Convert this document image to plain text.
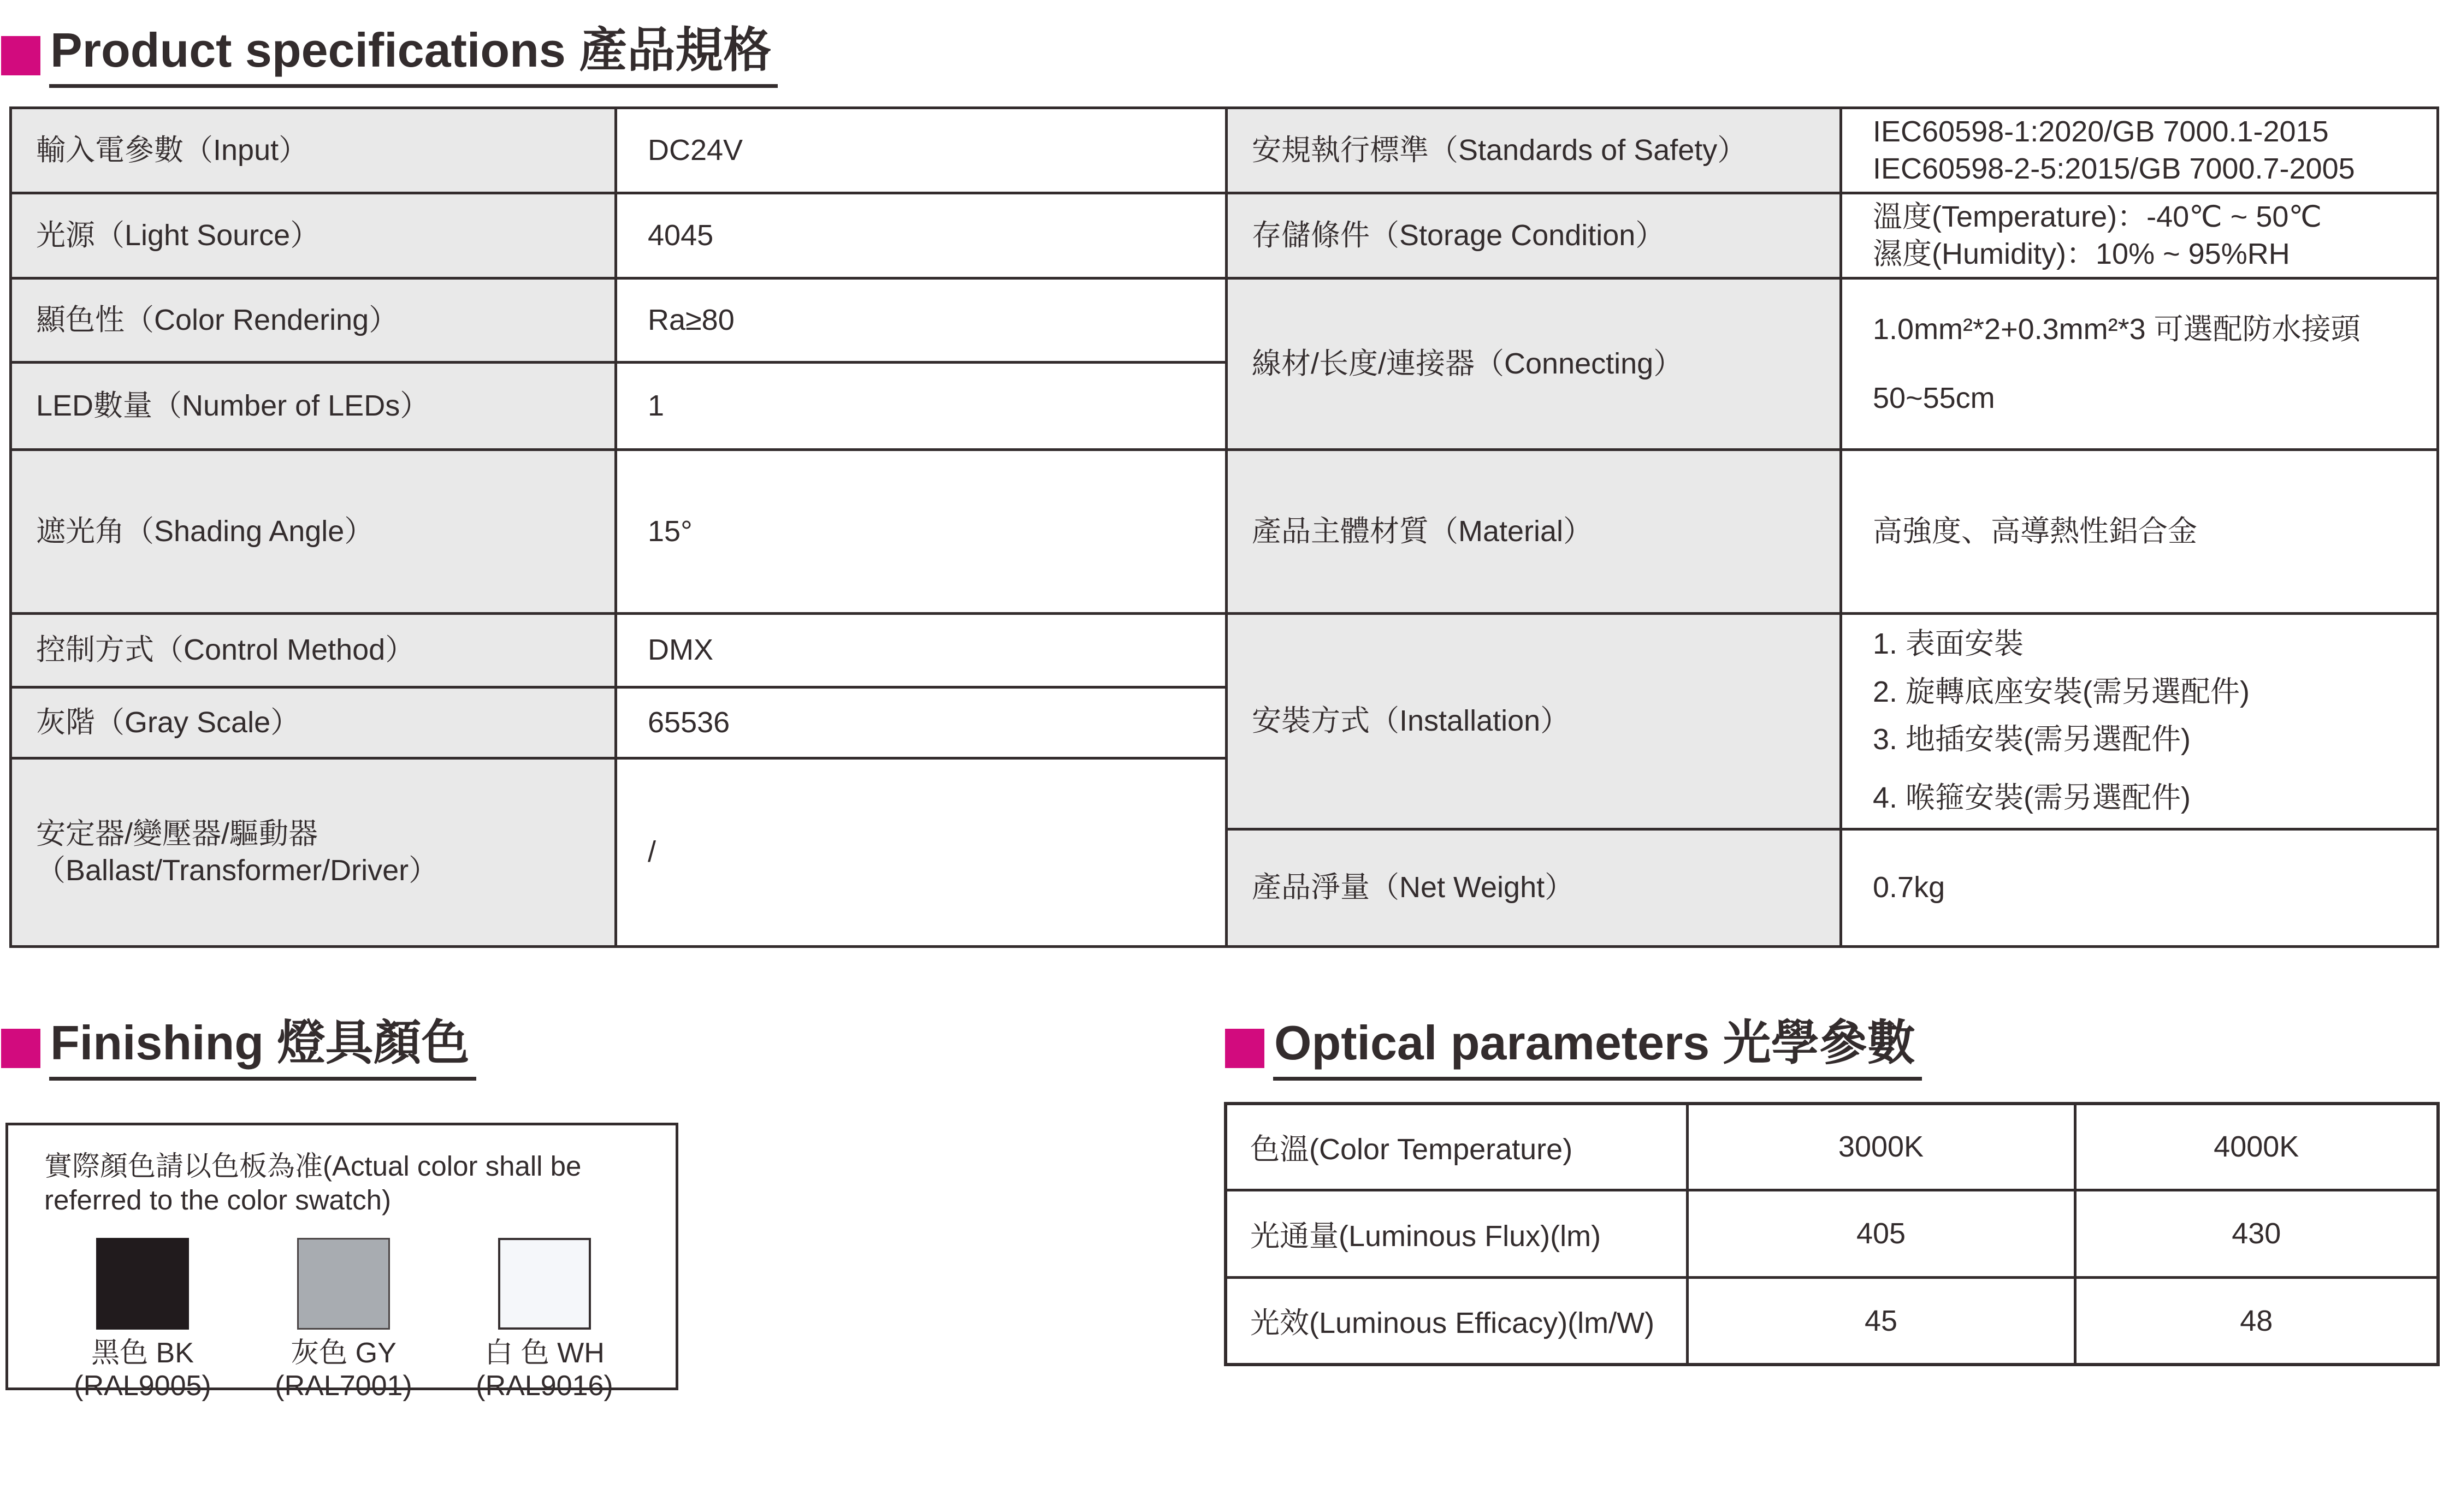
Product specifications 產品規格
輸入電參數（Input）	DC24V	安規執行標準（Standards of Safety）	IEC60598-1:2020/GB 7000.1-2015
IEC60598-2-5:2015/GB 7000.7-2005

光源（Light Source）	4045	存儲條件（Storage Condition）	溫度(Temperature)：-40℃ ~ 50℃
濕度(Humidity)：10% ~ 95%RH

顯色性（Color Rendering）	Ra≥80	線材/长度/連接器（Connecting）	1.0mm²*2+0.3mm²*3 可選配防水接頭
50~55cm

LED數量（Number of LEDs）	1		
遮光角（Shading Angle）	15°	產品主體材質（Material）	高強度、高導熱性鋁合金
控制方式（Control Method）	DMX	安裝方式（Installation）	1. 表面安裝
2. 旋轉底座安裝(需另選配件)
3. 地插安裝(需另選配件)
4. 喉箍安裝(需另選配件)

灰階（Gray Scale）	65536		

安定器/變壓器/驅動器
（Ballast/Transformer/Driver）	/		
		產品淨量（Net Weight）	0.7kg
Finishing 燈具顏色
實際顏色請以色板為准(Actual color shall be referred to the color swatch)
黑色 BK
(RAL9005)
灰色 GY
(RAL7001)
白 色 WH
(RAL9016)
Optical parameters 光學參數
色溫(Color Temperature)	3000K	4000K
光通量(Luminous Flux)(lm)	405	430
光效(Luminous Efficacy)(lm/W)	45	48
